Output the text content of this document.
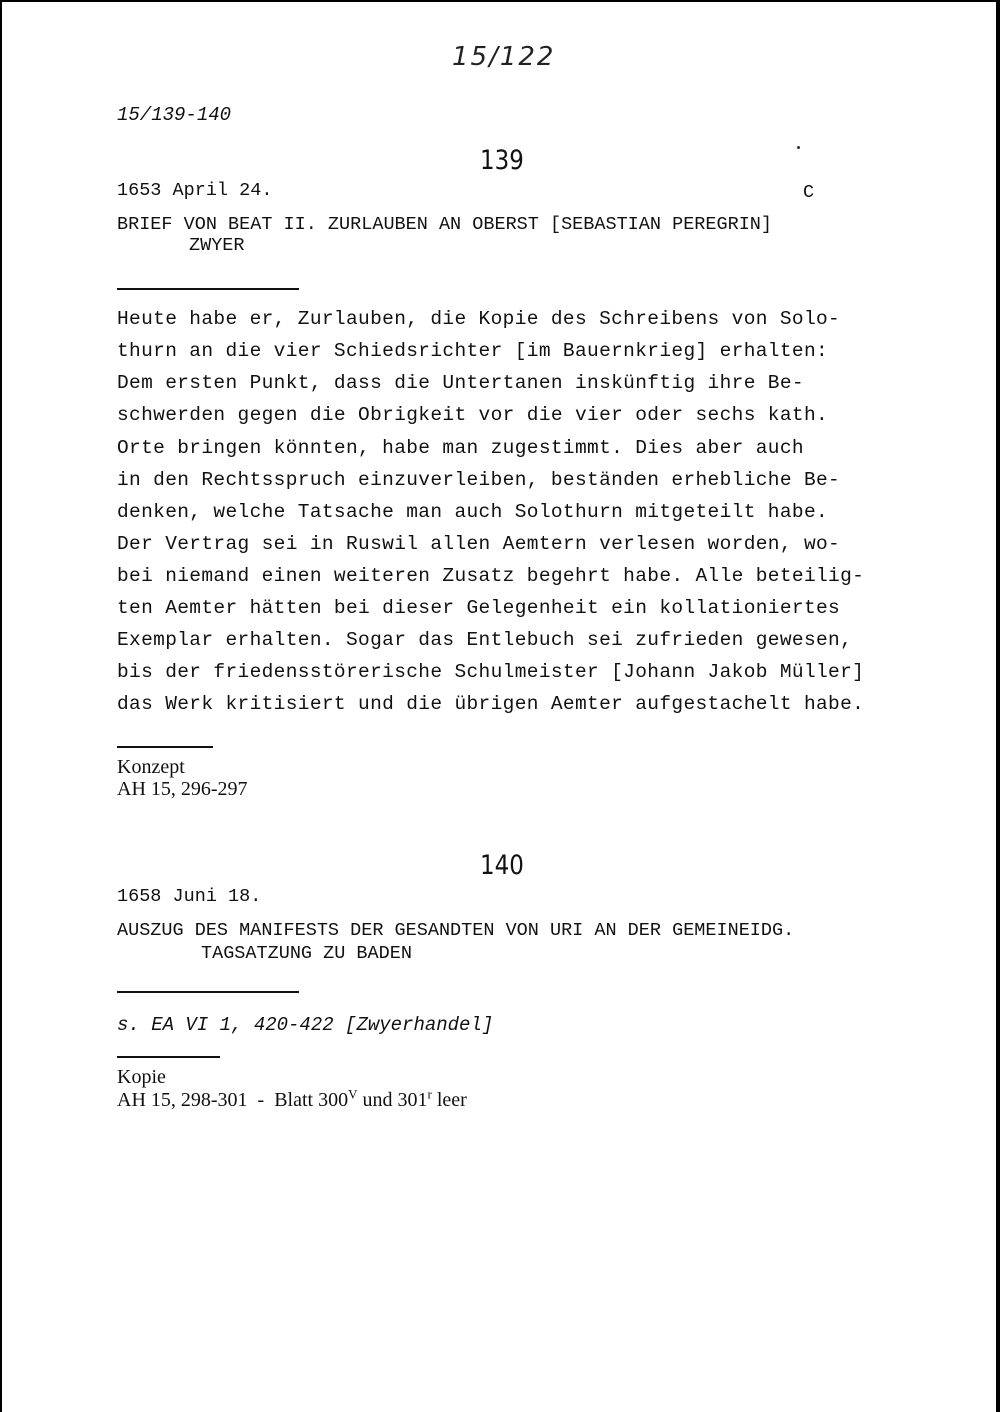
15/122
15/139-140
139
1653 April 24.	C
BRIEF VON BEAT II. ZURLAUBEN AN OBERST [SEBASTIAN PEREGRIN]
ZWYER
Heute habe er, Zurlauben, die Kopie des Schreibens von Solo-
thurn an die vier Schiedsrichter [im Bauernkrieg] erhalten:
Dem ersten Punkt, dass die Untertanen inskünftig ihre Be-
schwerden gegen die Obrigkeit vor die vier oder sechs kath.
Orte bringen könnten, habe man zugestimmt. Dies aber auch
in den Rechtsspruch einzuverleiben, beständen erhebliche Be-
denken, welche Tatsache man auch Solothurn mitgeteilt habe.
Der Vertrag sei in Ruswil allen Aemtern verlesen worden, wo-
bei niemand einen weiteren Zusatz begehrt habe. Alle beteilig-
ten Aemter hätten bei dieser Gelegenheit ein kollationiertes
Exemplar erhalten. Sogar das Entlebuch sei zufrieden gewesen,
bis der friedensstörerische Schulmeister [Johann Jakob Müller]
das Werk kritisiert und die übrigen Aemter aufgestachelt habe.
Konzept
AH 15, 296-297
140
1658 Juni 18.
AUSZUG DES MANIFESTS DER GESANDTEN VON URI AN DER GEMEINEIDG.
TAGSATZUNG ZU BADEN
s. EA VI 1, 420-422 [Zwyerhandel]
Kopie
AH 15, 298-301  -  Blatt $300^V$ und 301$^r$ leer
